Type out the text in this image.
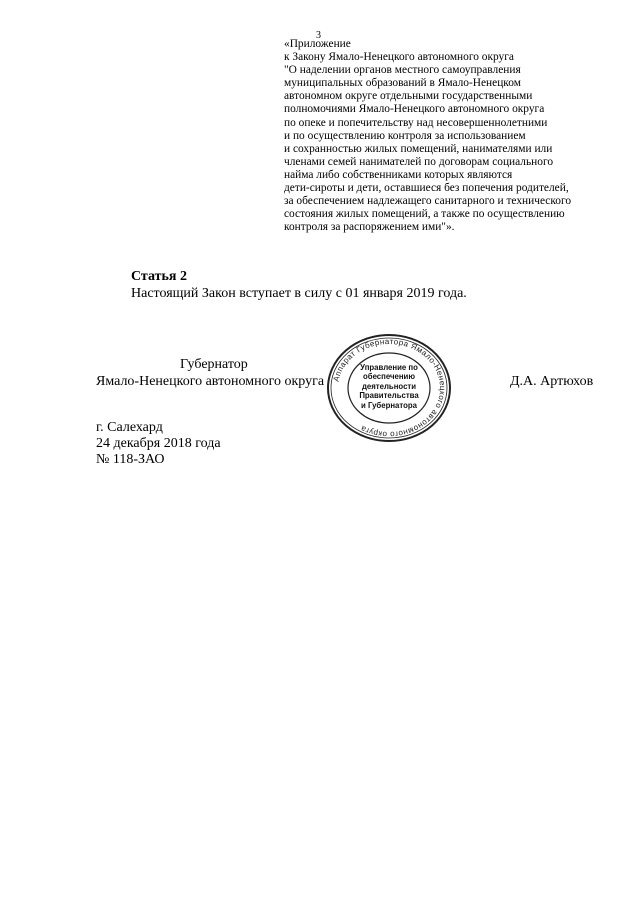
3
«Приложение
к Закону Ямало-Ненецкого автономного округа
"О наделении органов местного самоуправления
муниципальных образований в Ямало-Ненецком
автономном округе отдельными государственными
полномочиями Ямало-Ненецкого автономного округа
по опеке и попечительству над несовершеннолетними
и по осуществлению контроля за использованием
и сохранностью жилых помещений, нанимателями или
членами семей нанимателей по договорам социального
найма либо собственниками которых являются
дети-сироты и дети, оставшиеся без попечения родителей,
за обеспечением надлежащего санитарного и технического
состояния жилых помещений, а также по осуществлению
контроля за распоряжением ими"».
Статья 2
Настоящий Закон вступает в силу с 01 января 2019 года.
Губернатор
Ямало-Ненецкого автономного округа	Д.А. Артюхов
Аппарат Губернатора Ямало-Ненецкого автономного округа
Управление по
обеспечению
деятельности
Правительства
и Губернатора
г. Салехард
24 декабря 2018 года
№ 118-ЗАО
